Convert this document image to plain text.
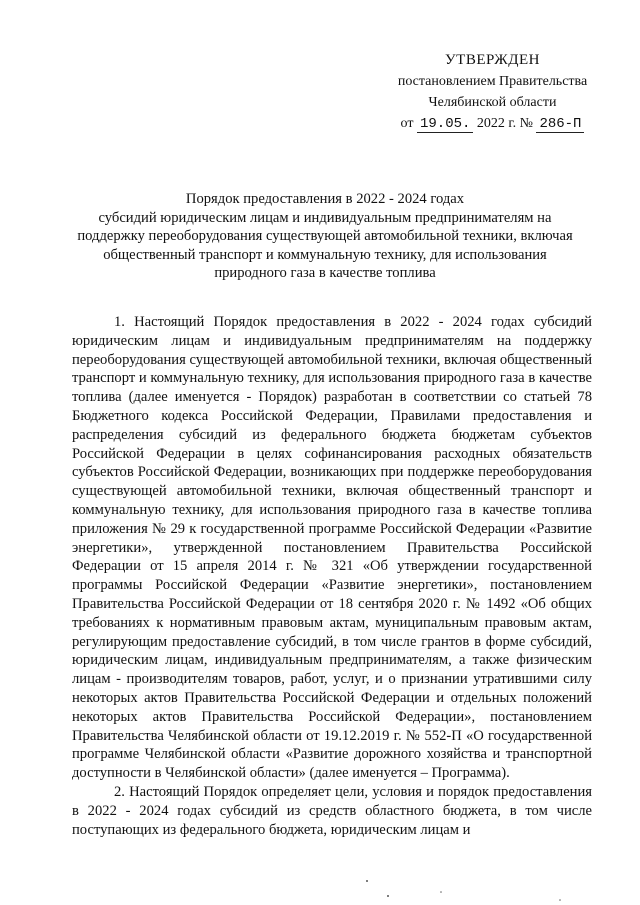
УТВЕРЖДЕН
постановлением Правительства
Челябинской области
от 19.05. 2022 г. № 286-П
Порядок предоставления в 2022 - 2024 годах
субсидий юридическим лицам и индивидуальным предпринимателям на
поддержку переоборудования существующей автомобильной техники, включая
общественный транспорт и коммунальную технику, для использования
природного газа в качестве топлива

1. Настоящий Порядок предоставления в 2022 - 2024 годах субсидий юридическим лицам и индивидуальным предпринимателям на поддержку переоборудования существующей автомобильной техники, включая общественный транспорт и коммунальную технику, для использования природного газа в качестве топлива (далее именуется - Порядок) разработан в соответствии со статьей 78 Бюджетного кодекса Российской Федерации, Правилами предоставления и распределения субсидий из федерального бюджета бюджетам субъектов Российской Федерации в целях софинансирования расходных обязательств субъектов Российской Федерации, возникающих при поддержке переоборудования существующей автомобильной техники, включая общественный транспорт и коммунальную технику, для использования природного газа в качестве топлива приложения № 29 к государственной программе Российской Федерации «Развитие энергетики», утвержденной постановлением Правительства Российской Федерации от 15 апреля 2014 г. № 321 «Об утверждении государственной программы Российской Федерации «Развитие энергетики», постановлением Правительства Российской Федерации от 18 сентября 2020 г. № 1492 «Об общих требованиях к нормативным правовым актам, муниципальным правовым актам, регулирующим предоставление субсидий, в том числе грантов в форме субсидий, юридическим лицам, индивидуальным предпринимателям, а также физическим лицам - производителям товаров, работ, услуг, и о признании утратившими силу некоторых актов Правительства Российской Федерации и отдельных положений некоторых актов Правительства Российской Федерации», постановлением Правительства Челябинской области от 19.12.2019 г. № 552-П «О государственной программе Челябинской области «Развитие дорожного хозяйства и транспортной доступности в Челябинской области» (далее именуется – Программа).

2. Настоящий Порядок определяет цели, условия и порядок предоставления в 2022 - 2024 годах субсидий из средств областного бюджета, в том числе поступающих из федерального бюджета, юридическим лицам и
